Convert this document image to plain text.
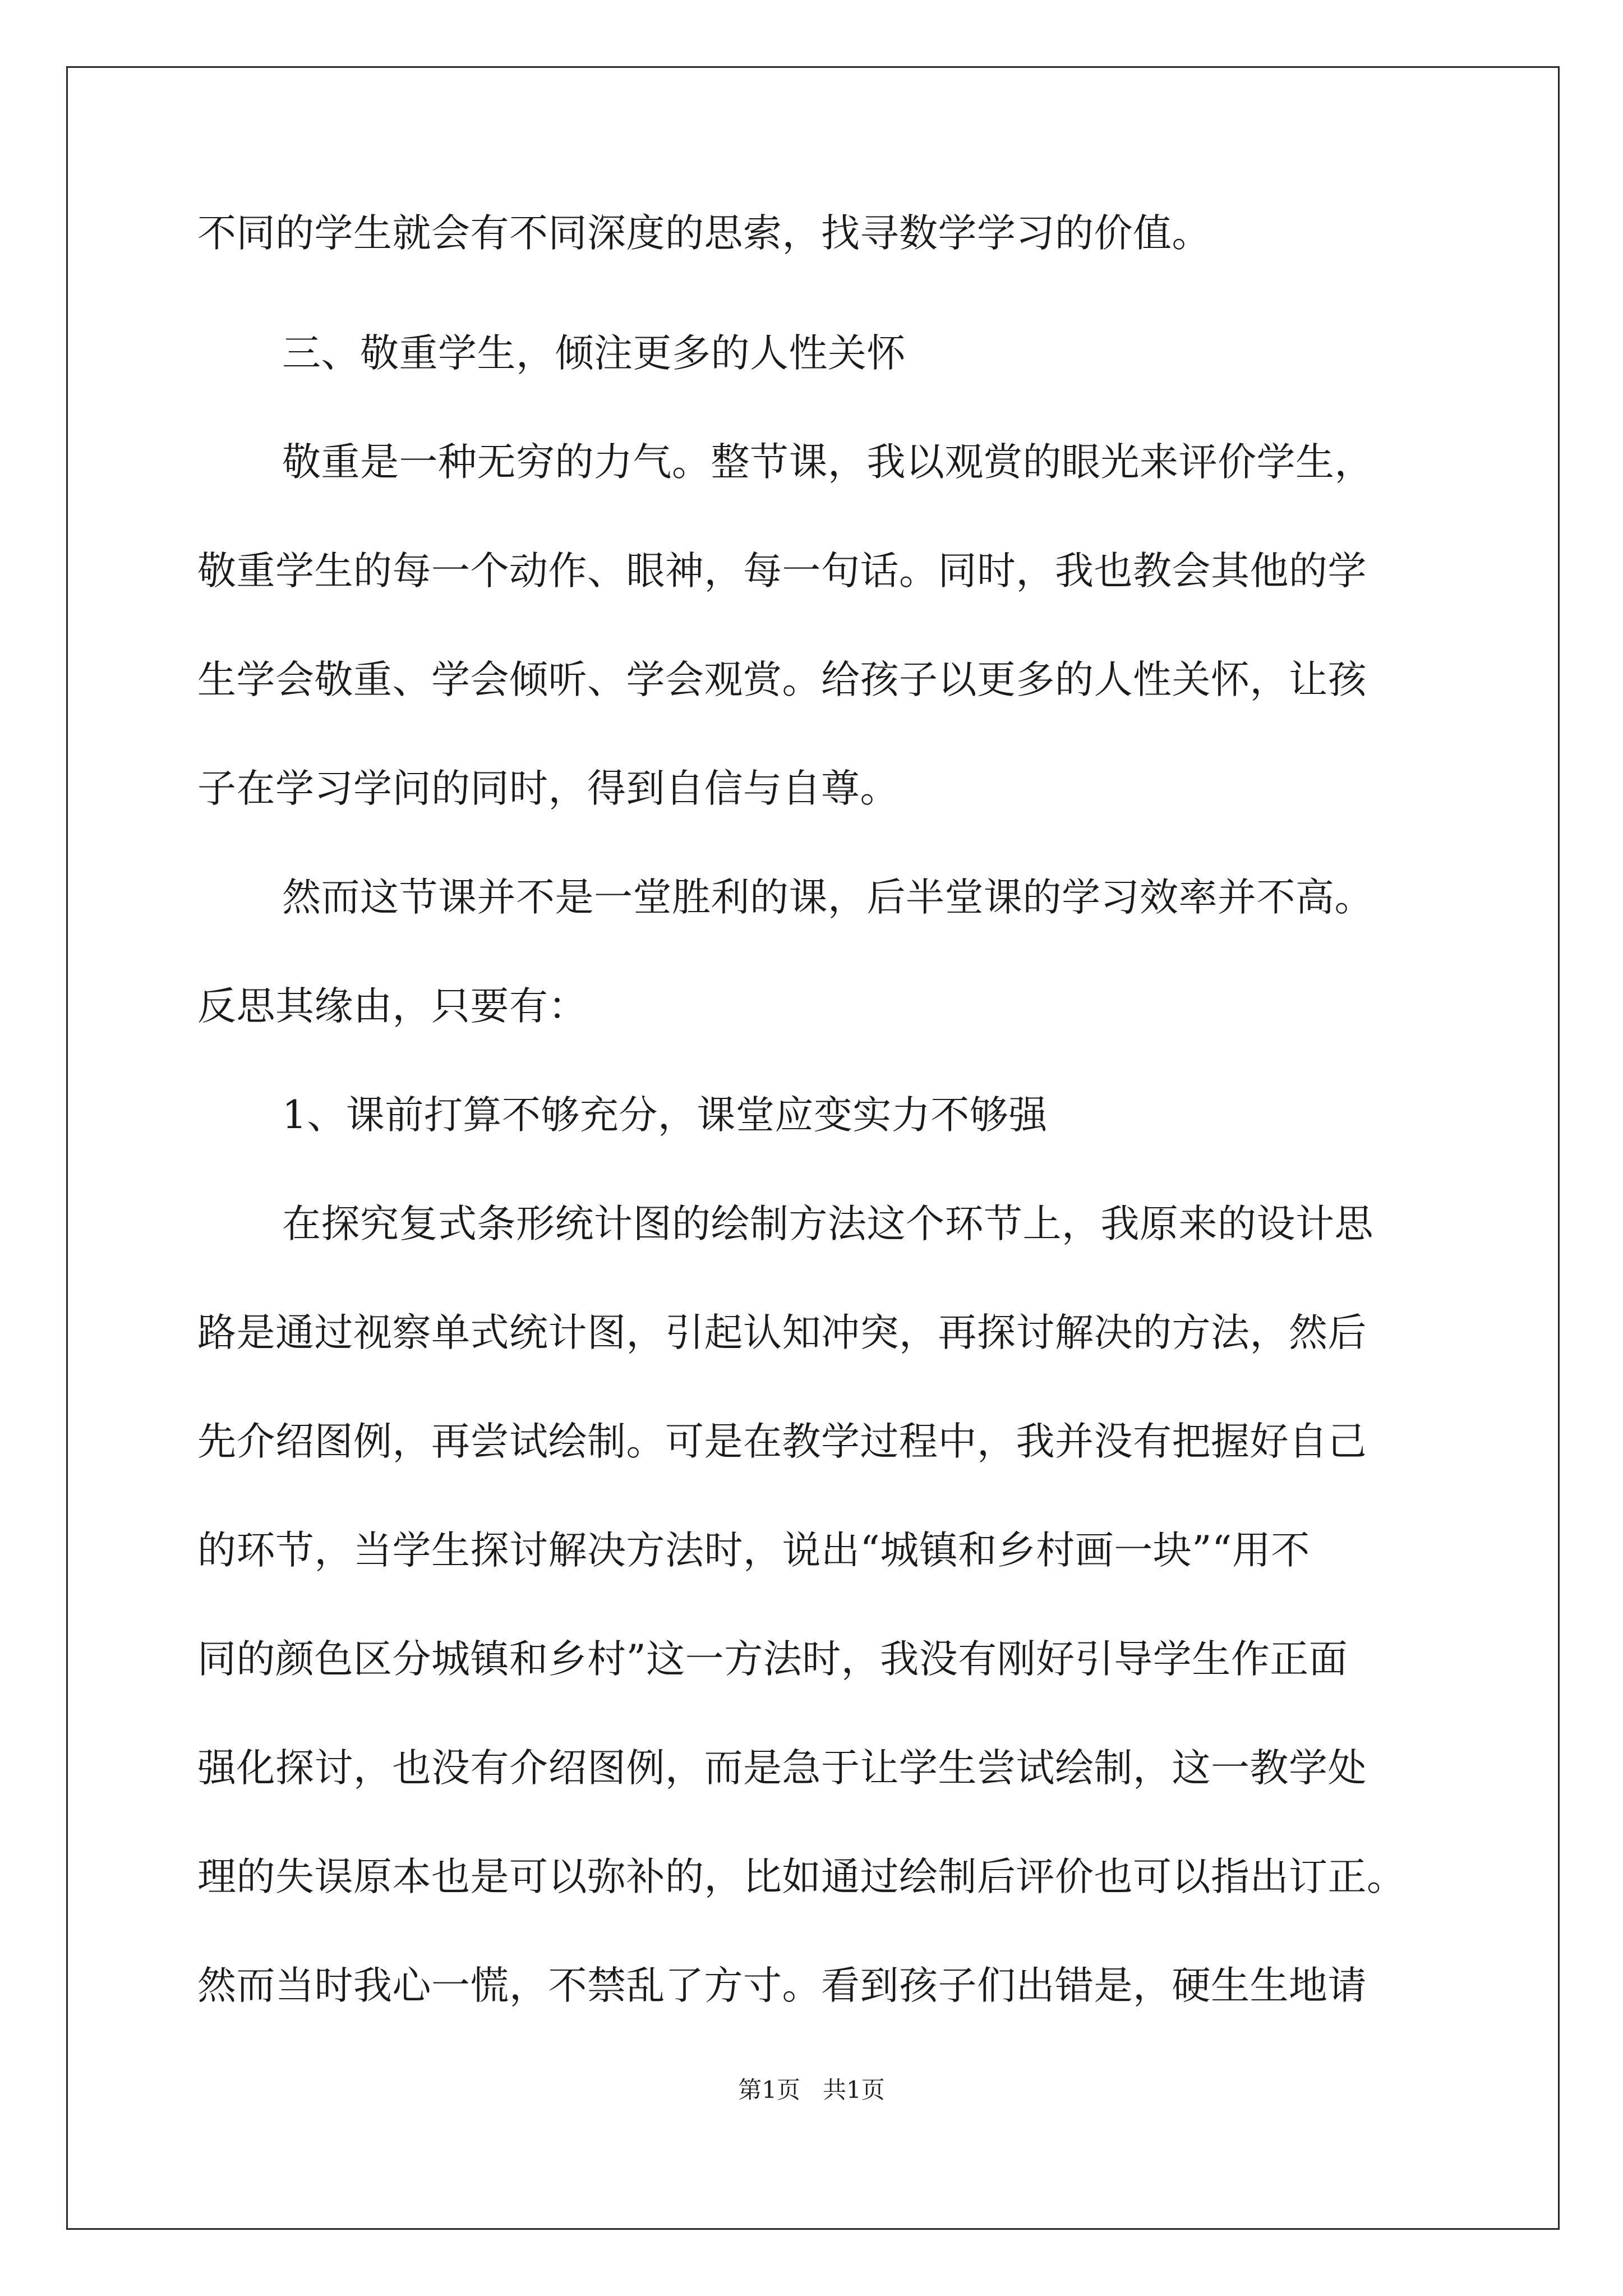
不同的学生就会有不同深度的思索，找寻数学学习的价值。

三、敬重学生，倾注更多的人性关怀

敬重是一种无穷的力气。整节课，我以观赏的眼光来评价学生，

敬重学生的每一个动作、眼神，每一句话。同时，我也教会其他的学

生学会敬重、学会倾听、学会观赏。给孩子以更多的人性关怀，让孩

子在学习学问的同时，得到自信与自尊。

然而这节课并不是一堂胜利的课，后半堂课的学习效率并不高。

反思其缘由，只要有：

1、课前打算不够充分，课堂应变实力不够强

在探究复式条形统计图的绘制方法这个环节上，我原来的设计思

路是通过视察单式统计图，引起认知冲突，再探讨解决的方法，然后

先介绍图例，再尝试绘制。可是在教学过程中，我并没有把握好自己

的环节，当学生探讨解决方法时，说出“城镇和乡村画一块”“用不

同的颜色区分城镇和乡村”这一方法时，我没有刚好引导学生作正面

强化探讨，也没有介绍图例，而是急于让学生尝试绘制，这一教学处

理的失误原本也是可以弥补的，比如通过绘制后评价也可以指出订正。

然而当时我心一慌，不禁乱了方寸。看到孩子们出错是，硬生生地请

第1页   共1页
